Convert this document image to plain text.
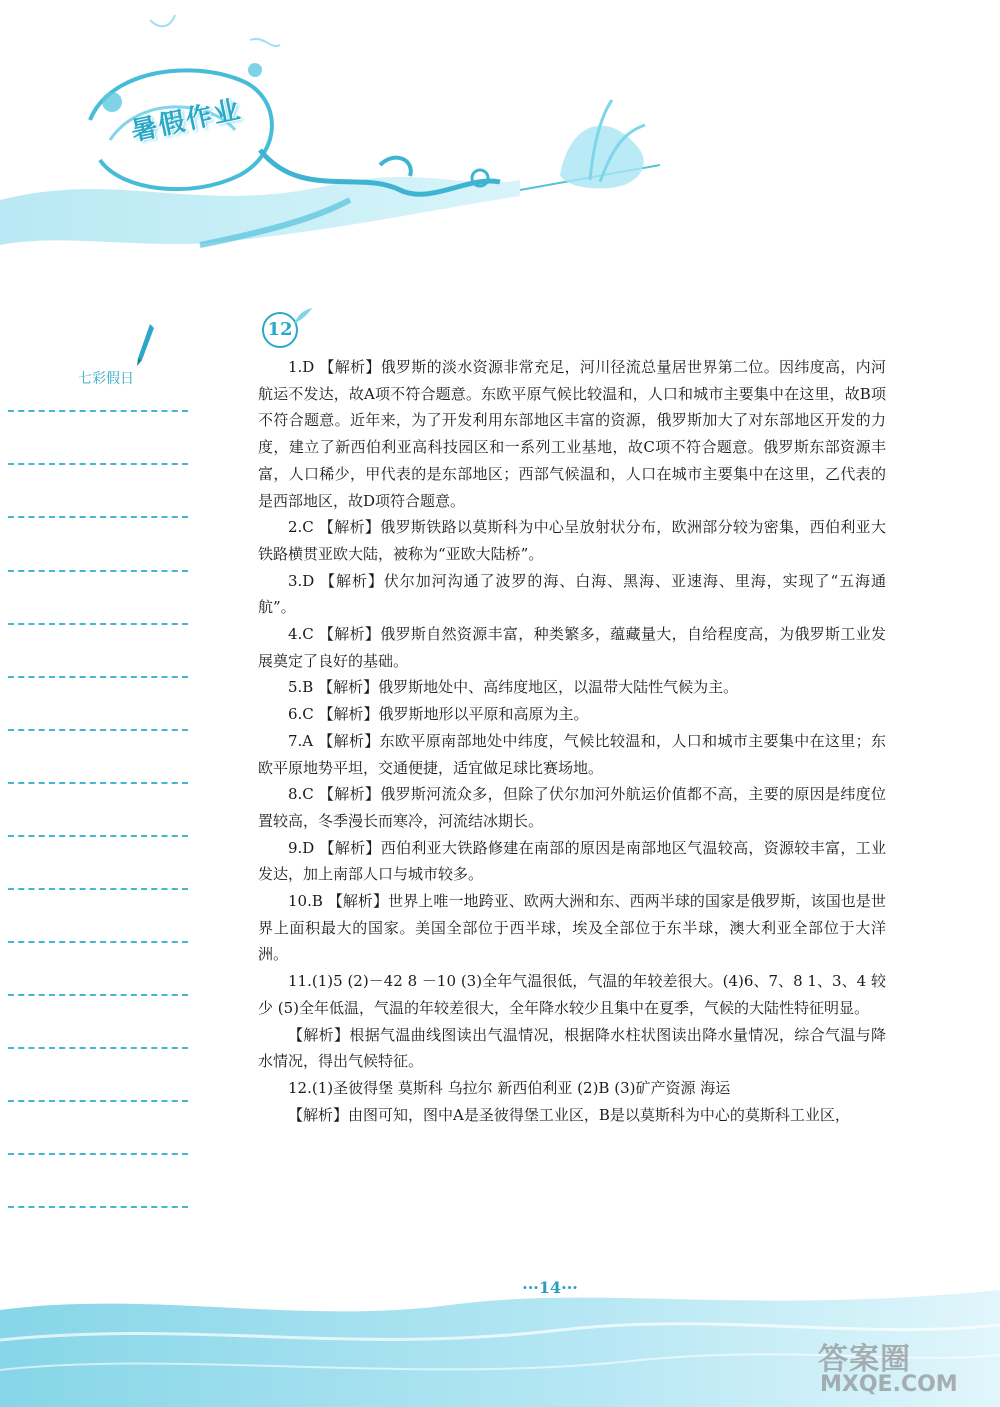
暑假作业
七彩假日
12

1.D 【解析】俄罗斯的淡水资源非常充足，河川径流总量居世界第二位。因纬度高，内河航运不发达，故A项不符合题意。东欧平原气候比较温和，人口和城市主要集中在这里，故B项不符合题意。近年来，为了开发利用东部地区丰富的资源，俄罗斯加大了对东部地区开发的力度，建立了新西伯利亚高科技园区和一系列工业基地，故C项不符合题意。俄罗斯东部资源丰富，人口稀少，甲代表的是东部地区；西部气候温和，人口在城市主要集中在这里，乙代表的是西部地区，故D项符合题意。

2.C 【解析】俄罗斯铁路以莫斯科为中心呈放射状分布，欧洲部分较为密集，西伯利亚大铁路横贯亚欧大陆，被称为“亚欧大陆桥”。

3.D 【解析】伏尔加河沟通了波罗的海、白海、黑海、亚速海、里海，实现了“五海通航”。

4.C 【解析】俄罗斯自然资源丰富，种类繁多，蕴藏量大，自给程度高，为俄罗斯工业发展奠定了良好的基础。

5.B 【解析】俄罗斯地处中、高纬度地区，以温带大陆性气候为主。

6.C 【解析】俄罗斯地形以平原和高原为主。

7.A 【解析】东欧平原南部地处中纬度，气候比较温和，人口和城市主要集中在这里；东欧平原地势平坦，交通便捷，适宜做足球比赛场地。

8.C 【解析】俄罗斯河流众多，但除了伏尔加河外航运价值都不高，主要的原因是纬度位置较高，冬季漫长而寒冷，河流结冰期长。

9.D 【解析】西伯利亚大铁路修建在南部的原因是南部地区气温较高，资源较丰富，工业发达，加上南部人口与城市较多。

10.B 【解析】世界上唯一地跨亚、欧两大洲和东、西两半球的国家是俄罗斯，该国也是世界上面积最大的国家。美国全部位于西半球，埃及全部位于东半球，澳大利亚全部位于大洋洲。

11.(1)5 (2)－42 8 －10 (3)全年气温很低，气温的年较差很大。(4)6、7、8 1、3、4 较少 (5)全年低温，气温的年较差很大，全年降水较少且集中在夏季，气候的大陆性特征明显。

【解析】根据气温曲线图读出气温情况，根据降水柱状图读出降水量情况，综合气温与降水情况，得出气候特征。

12.(1)圣彼得堡 莫斯科 乌拉尔 新西伯利亚 (2)B (3)矿产资源 海运

【解析】由图可知，图中A是圣彼得堡工业区，B是以莫斯科为中心的莫斯科工业区，

···14···
答案圈
MXQE.COM
